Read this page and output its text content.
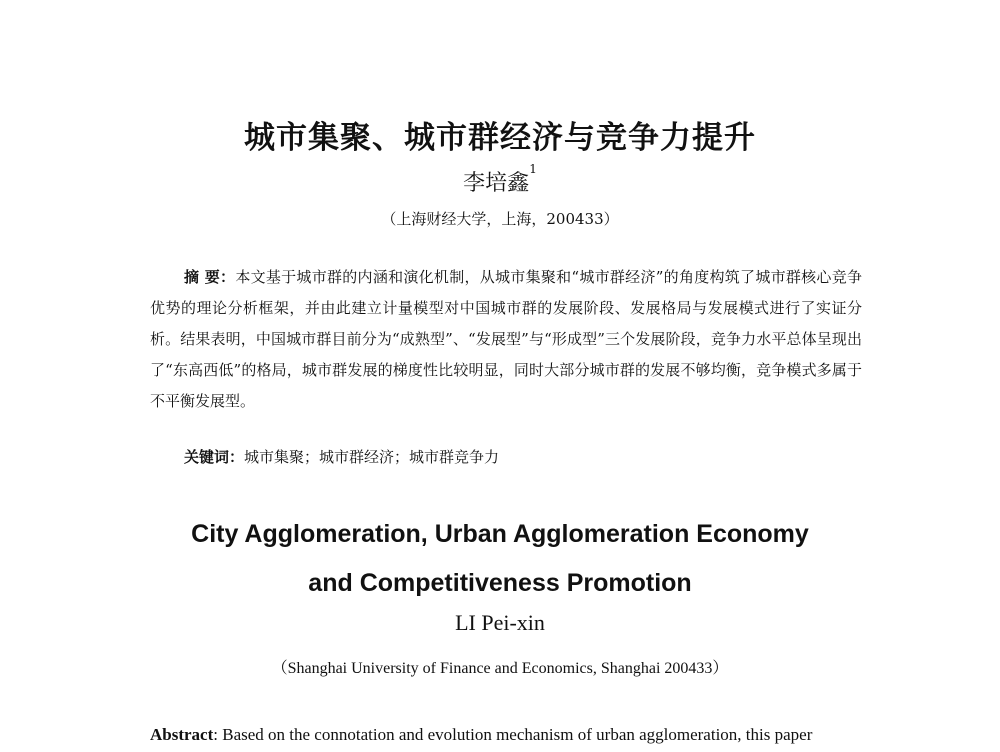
城市集聚、城市群经济与竞争力提升
李培鑫$^1$
（上海财经大学，上海，200433）
摘 要：本文基于城市群的内涵和演化机制，从城市集聚和“城市群经济”的角度构筑了城市群核心竞争优势的理论分析框架，并由此建立计量模型对中国城市群的发展阶段、发展格局与发展模式进行了实证分析。结果表明，中国城市群目前分为“成熟型”、“发展型”与“形成型”三个发展阶段，竞争力水平总体呈现出了“东高西低”的格局，城市群发展的梯度性比较明显，同时大部分城市群的发展不够均衡，竞争模式多属于不平衡发展型。
关键词：城市集聚；城市群经济；城市群竞争力
City Agglomeration, Urban Agglomeration Economy
and Competitiveness Promotion
LI Pei-xin
（Shanghai University of Finance and Economics, Shanghai 200433）
Abstract: Based on the connotation and evolution mechanism of urban agglomeration, this paper
